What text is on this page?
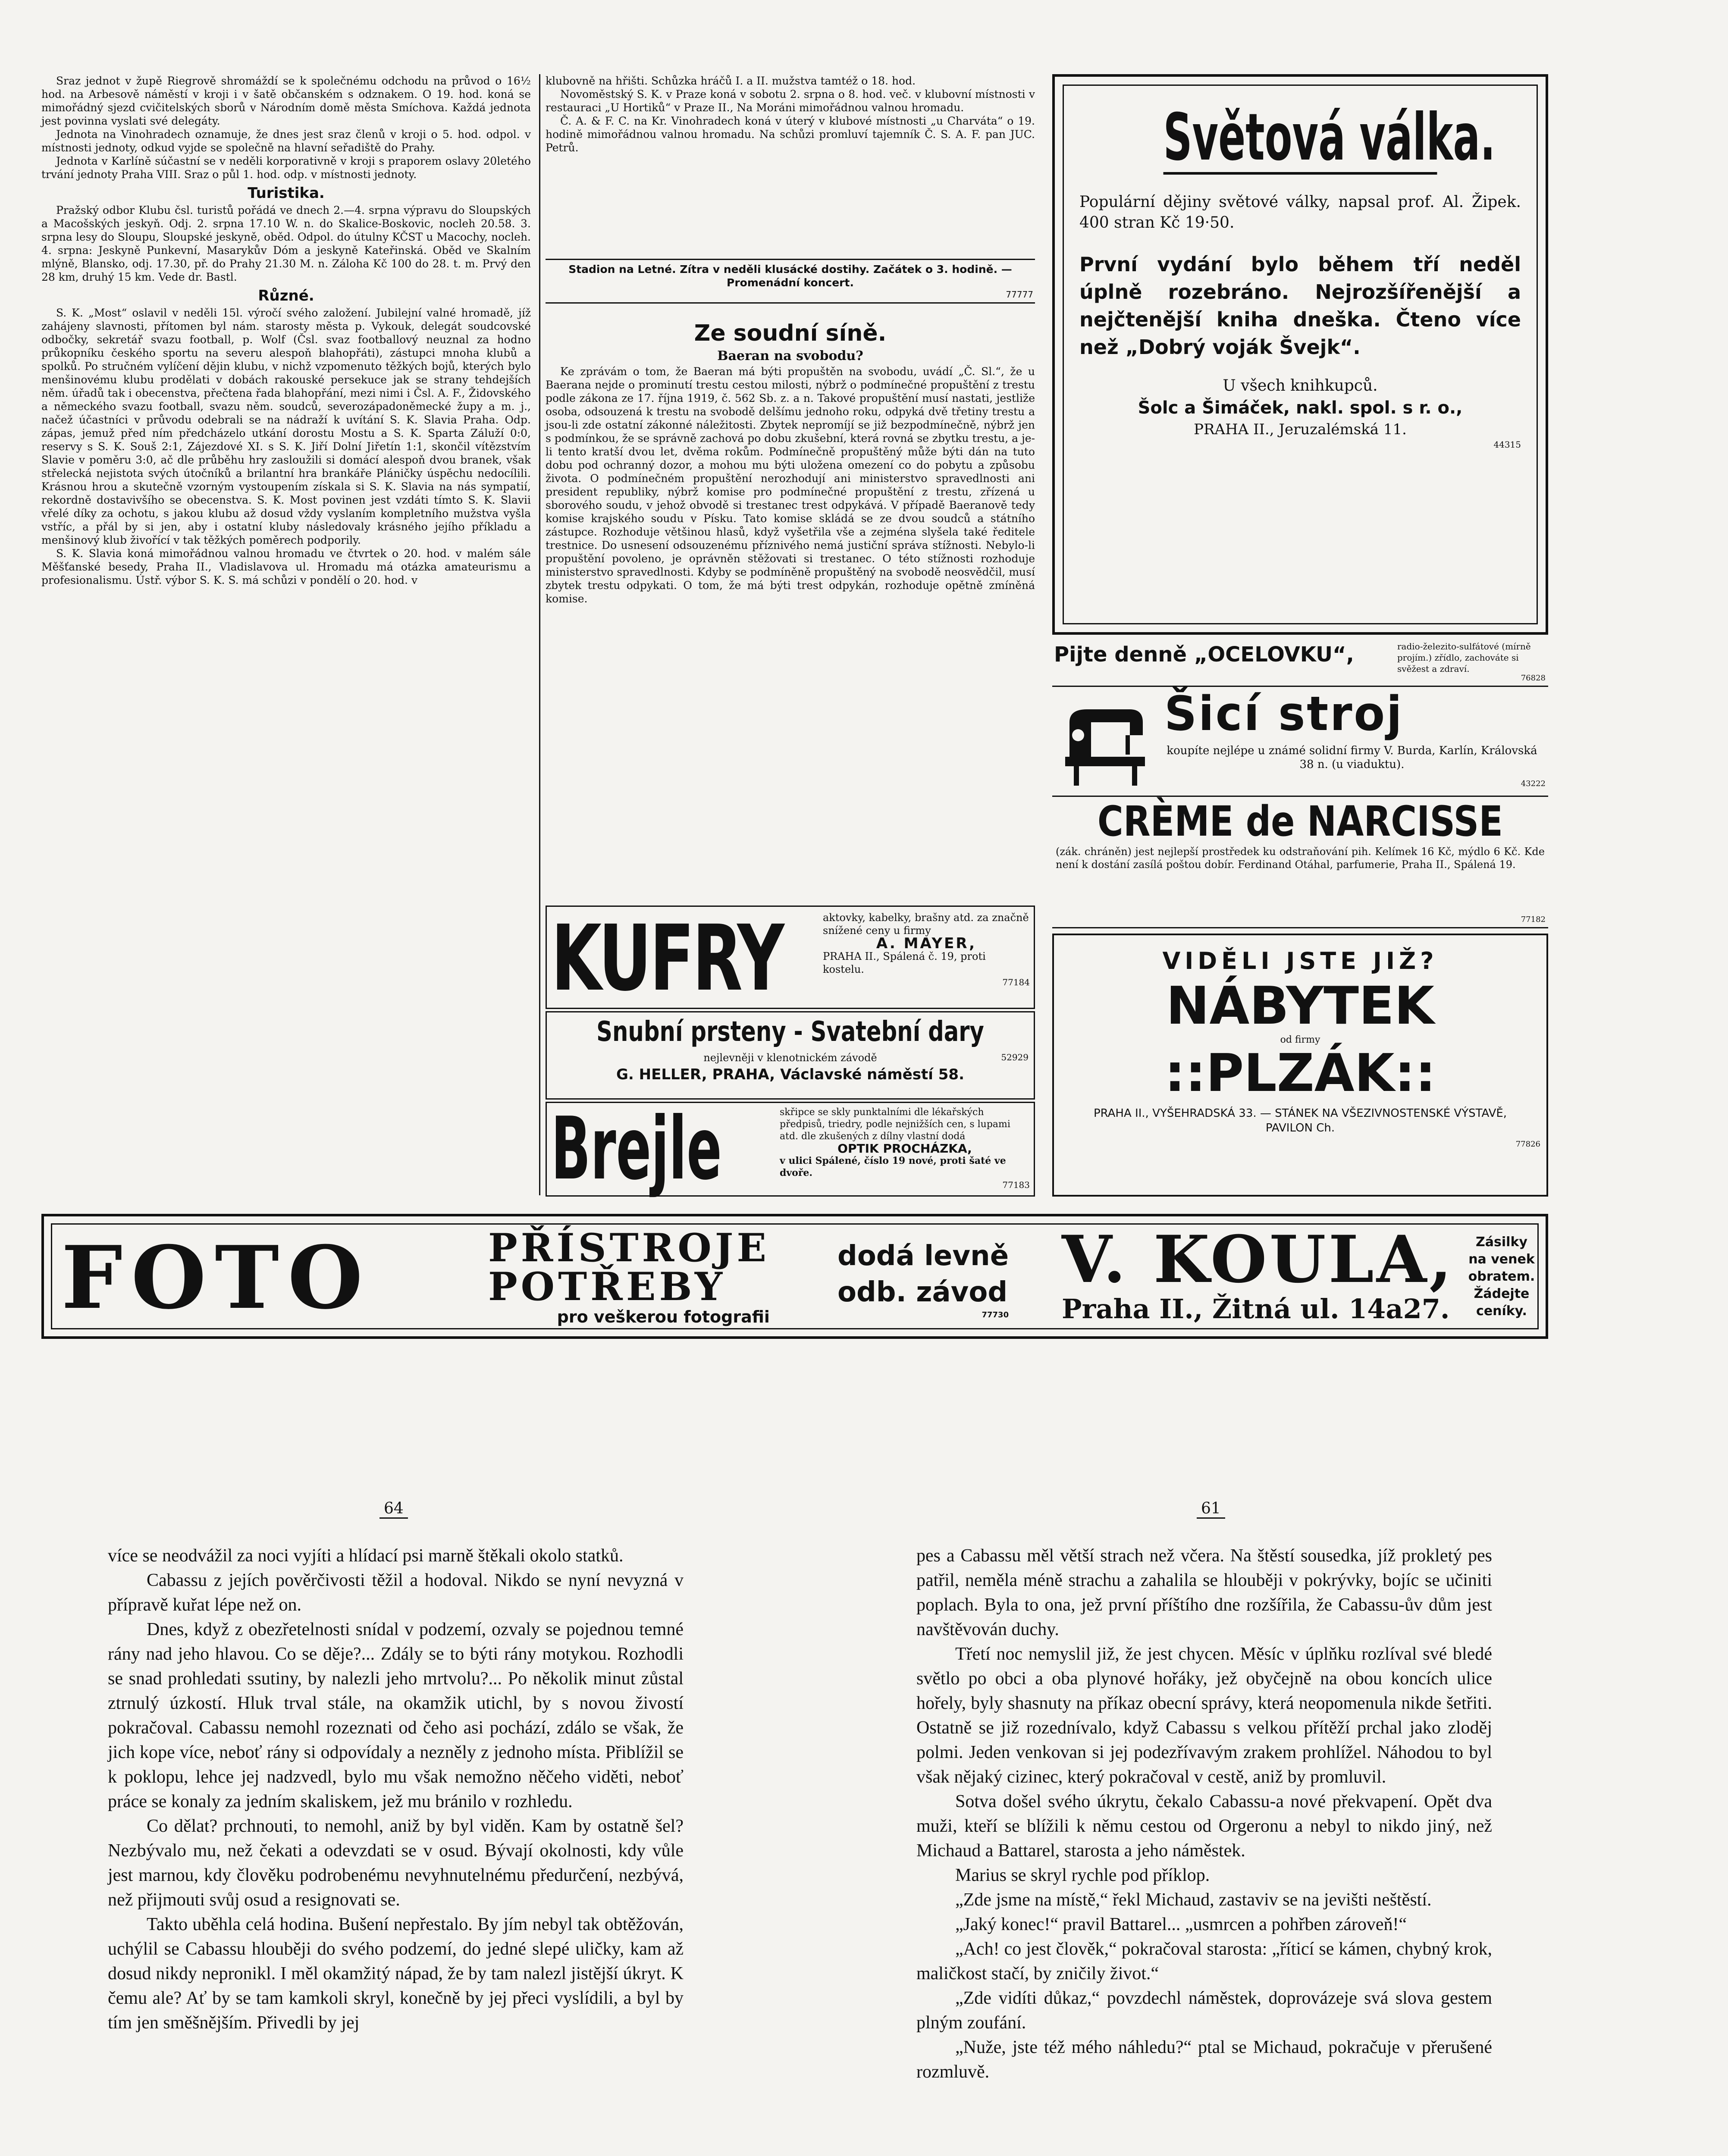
Sraz jednot v župě Riegrově shromáždí se k společnému odchodu na průvod o 16½ hod. na Arbesově náměstí v kroji i v šatě občanském s odznakem. O 19. hod. koná se mimořádný sjezd cvičitelských sborů v Národním domě města Smíchova. Každá jednota jest povinna vyslati své delegáty.

Jednota na Vinohradech oznamuje, že dnes jest sraz členů v kroji o 5. hod. odpol. v místnosti jednoty, odkud vyjde se společně na hlavní seřadiště do Prahy.

Jednota v Karlíně súčastní se v neděli korporativně v kroji s praporem oslavy 20letého trvání jednoty Praha VIII. Sraz o půl 1. hod. odp. v místnosti jednoty.

Turistika.

Pražský odbor Klubu čsl. turistů pořádá ve dnech 2.—4. srpna výpravu do Sloupských a Macošských jeskyň. Odj. 2. srpna 17.10 W. n. do Skalice-Boskovic, nocleh 20.58. 3. srpna lesy do Sloupu, Sloupské jeskyně, oběd. Odpol. do útulny KČST u Macochy, nocleh. 4. srpna: Jeskyně Punkevní, Masarykův Dóm a jeskyně Kateřinská. Oběd ve Skalním mlýně, Blansko, odj. 17.30, př. do Prahy 21.30 M. n. Záloha Kč 100 do 28. t. m. Prvý den 28 km, druhý 15 km. Vede dr. Bastl.

Různé.

S. K. „Most“ oslavil v neděli 15l. výročí svého založení. Jubilejní valné hromadě, jíž zahájeny slavnosti, přítomen byl nám. starosty města p. Vykouk, delegát soudcovské odbočky, sekretář svazu football, p. Wolf (Čsl. svaz footballový neuznal za hodno průkopníku českého sportu na severu alespoň blahopřáti), zástupci mnoha klubů a spolků. Po stručném vylíčení dějin klubu, v nichž vzpomenuto těžkých bojů, kterých bylo menšinovému klubu prodělati v dobách rakouské persekuce jak se strany tehdejších něm. úřadů tak i obecenstva, přečtena řada blahopřání, mezi nimi i Čsl. A. F., Židovského a německého svazu football, svazu něm. soudců, severozápadoněmecké župy a m. j., načež účastníci v průvodu odebrali se na nádraží k uvítání S. K. Slavia Praha. Odp. zápas, jemuž před ním předcházelo utkání dorostu Mostu a S. K. Sparta Záluží 0:0, reservy s S. K. Souš 2:1, Zájezdové XI. s S. K. Jiří Dolní Jiřetín 1:1, skončil vítězstvím Slavie v poměru 3:0, ač dle průběhu hry zasloužili si domácí alespoň dvou branek, však střelecká nejistota svých útočníků a brilantní hra brankáře Pláničky úspěchu nedocílili. Krásnou hrou a skutečně vzorným vystoupením získala si S. K. Slavia na nás sympatií, rekordně dostavivšího se obecenstva. S. K. Most povinen jest vzdáti tímto S. K. Slavii vřelé díky za ochotu, s jakou klubu až dosud vždy vyslaním kompletního mužstva vyšla vstříc, a přál by si jen, aby i ostatní kluby následovaly krásného jejího příkladu a menšinový klub živořící v tak těžkých poměrech podporily.

S. K. Slavia koná mimořádnou valnou hromadu ve čtvrtek o 20. hod. v malém sále Měšťanské besedy, Praha II., Vladislavova ul. Hromadu má otázka amateurismu a profesionalismu. Ústř. výbor S. K. S. má schůzi v pondělí o 20. hod. v

klubovně na hřišti. Schůzka hráčů I. a II. mužstva tamtéž o 18. hod.

Novoměstský S. K. v Praze koná v sobotu 2. srpna o 8. hod. več. v klubovní místnosti v restauraci „U Hortiků“ v Praze II., Na Moráni mimořádnou valnou hromadu.

Č. A. & F. C. na Kr. Vinohradech koná v úterý v klubové místnosti „u Charváta“ o 19. hodině mimořádnou valnou hromadu. Na schůzi promluví tajemník Č. S. A. F. pan JUC. Petrů.

Stadion na Letné. Zítra v neděli klusácké dostihy. Začátek o 3. hodině. — Promenádní koncert.
77777
Ze soudní síně.
Baeran na svobodu?

Ke zprávám o tom, že Baeran má býti propuštěn na svobodu, uvádí „Č. Sl.“, že u Baerana nejde o prominutí trestu cestou milosti, nýbrž o podmínečné propuštění z trestu podle zákona ze 17. října 1919, č. 562 Sb. z. a n. Takové propuštění musí nastati, jestliže osoba, odsouzená k trestu na svobodě delšímu jednoho roku, odpyká dvě třetiny trestu a jsou-li zde ostatní zákonné náležitosti. Zbytek nepromíjí se již bezpodmínečně, nýbrž jen s podmínkou, že se správně zachová po dobu zkušební, která rovná se zbytku trestu, a je-li tento kratší dvou let, dvěma rokům. Podmínečně propuštěný může býti dán na tuto dobu pod ochranný dozor, a mohou mu býti uložena omezení co do pobytu a způsobu života. O podmínečném propuštění nerozhodují ani ministerstvo spravedlnosti ani president republiky, nýbrž komise pro podmínečné propuštění z trestu, zřízená u sborového soudu, v jehož obvodě si trestanec trest odpykává. V případě Baeranově tedy komise krajského soudu v Písku. Tato komise skládá se ze dvou soudců a státního zástupce. Rozhoduje většinou hlasů, když vyšetřila vše a zejména slyšela také ředitele trestnice. Do usnesení odsouzenému příznivého nemá justiční správa stížnosti. Nebylo-li propuštění povoleno, je oprávněn stěžovati si trestanec. O této stížnosti rozhoduje ministerstvo spravedlnosti. Kdyby se podmíněně propuštěný na svobodě neosvědčil, musí zbytek trestu odpykati. O tom, že má býti trest odpykán, rozhoduje opětně zmíněná komise.

KUFRY	aktovky, kabelky, brašny atd. za značně snížené ceny u firmy
A. MAYER,
PRAHA II., Spálená č. 19, proti kostelu.
77184
Snubní prsteny - Svatební dary
nejlevněji v klenotnickém závodě	52929
G. HELLER, PRAHA, Václavské náměstí 58.
Brejle	skřipce se skly punktalními dle lékařských předpisů, triedry, podle nejnižších cen, s lupami atd. dle zkušených z dílny vlastní dodá
OPTIK PROCHÁZKA,
v ulici Spálené, číslo 19 nové, proti šaté ve dvoře.
77183
Světová válka.
Populární dějiny světové války, napsal prof. Al. Žipek. 400 stran Kč 19·50.
První vydání bylo během tří neděl úplně rozebráno. Nejrozšířenější a nejčtenější kniha dneška. Čteno více než „Dobrý voják Švejk“.
U všech knihkupců.
Šolc a Šimáček, nakl. spol. s r. o.,
PRAHA II., Jeruzalémská 11.
44315
Pijte denně „OCELOVKU“,	radio-železito-sulfátové (mírně projím.) zřídlo, zachováte si svěžest a zdraví.
76828
Šicí stroj
koupíte nejlépe u známé solidní firmy V. Burda, Karlín, Královská 38 n. (u viaduktu).
43222
CRÈME de NARCISSE
(zák. chráněn) jest nejlepší prostředek ku odstraňování pih. Kelímek 16 Kč, mýdlo 6 Kč. Kde není k dostání zasílá poštou dobír. Ferdinand Otáhal, parfumerie, Praha II., Spálená 19.
77182
VIDĚLI JSTE JIŽ?
NÁBYTEK
od firmy
::PLZÁK::
PRAHA II., VYŠEHRADSKÁ 33. — STÁNEK NA VŠEZIVNOSTENSKÉ VÝSTAVĚ, PAVILON Ch.
77826
FOTO	PŘÍSTROJE
POTŘEBY
pro veškerou fotografii
dodá levně
odb. závod
77730
V. KOULA,
Praha II., Žitná ul. 14a27.
Zásilky na venek obratem. Žádejte ceníky.
64	61

více se neodvážil za noci vyjíti a hlídací psi marně štěkali okolo statků.

Cabassu z jejích pověrčivosti těžil a hodoval. Nikdo se nyní nevyzná v přípravě kuřat lépe než on.

Dnes, když z obezřetelnosti snídal v podzemí, ozvaly se pojednou temné rány nad jeho hlavou. Co se děje?... Zdály se to býti rány motykou. Rozhodli se snad prohledati ssutiny, by nalezli jeho mrtvolu?... Po několik minut zůstal ztrnulý úzkostí. Hluk trval stále, na okamžik utichl, by s novou živostí pokračoval. Cabassu nemohl rozeznati od čeho asi pochází, zdálo se však, že jich kope více, neboť rány si odpovídaly a nezněly z jednoho místa. Přiblížil se k poklopu, lehce jej nadzvedl, bylo mu však nemožno něčeho viděti, neboť práce se konaly za jedním skaliskem, jež mu bránilo v rozhledu.

Co dělat? prchnouti, to nemohl, aniž by byl viděn. Kam by ostatně šel? Nezbývalo mu, než čekati a odevzdati se v osud. Bývají okolnosti, kdy vůle jest marnou, kdy člověku podrobenému nevyhnutelnému předurčení, nezbývá, než přijmouti svůj osud a resignovati se.

Takto uběhla celá hodina. Bušení nepřestalo. By jím nebyl tak obtěžován, uchýlil se Cabassu hlouběji do svého podzemí, do jedné slepé uličky, kam až dosud nikdy nepronikl. I měl okamžitý nápad, že by tam nalezl jistější úkryt. K čemu ale? Ať by se tam kamkoli skryl, konečně by jej přeci vyslídili, a byl by tím jen směšnějším. Přivedli by jej

pes a Cabassu měl větší strach než včera. Na štěstí sousedka, jíž prokletý pes patřil, neměla méně strachu a zahalila se hlouběji v pokrývky, bojíc se učiniti poplach. Byla to ona, jež první příštího dne rozšířila, že Cabassu-ův dům jest navštěvován duchy.

Třetí noc nemyslil již, že jest chycen. Měsíc v úplňku rozlíval své bledé světlo po obci a oba plynové hořáky, jež obyčejně na obou koncích ulice hořely, byly shasnuty na příkaz obecní správy, která neopomenula nikde šetřiti. Ostatně se již rozednívalo, když Cabassu s velkou přítěží prchal jako zloděj polmi. Jeden venkovan si jej podezřívavým zrakem prohlížel. Náhodou to byl však nějaký cizinec, který pokračoval v cestě, aniž by promluvil.

Sotva došel svého úkrytu, čekalo Cabassu-a nové překvapení. Opět dva muži, kteří se blížili k němu cestou od Orgeronu a nebyl to nikdo jiný, než Michaud a Battarel, starosta a jeho náměstek.

Marius se skryl rychle pod příklop.

„Zde jsme na místě,“ řekl Michaud, zastaviv se na jevišti neštěstí.

„Jaký konec!“ pravil Battarel... „usmrcen a pohřben zároveň!“

„Ach! co jest člověk,“ pokračoval starosta: „říticí se kámen, chybný krok, maličkost stačí, by zničily život.“

„Zde vidíti důkaz,“ povzdechl náměstek, doprovázeje svá slova gestem plným zoufání.

„Nuže, jste též mého náhledu?“ ptal se Michaud, pokračuje v přerušené rozmluvě.
